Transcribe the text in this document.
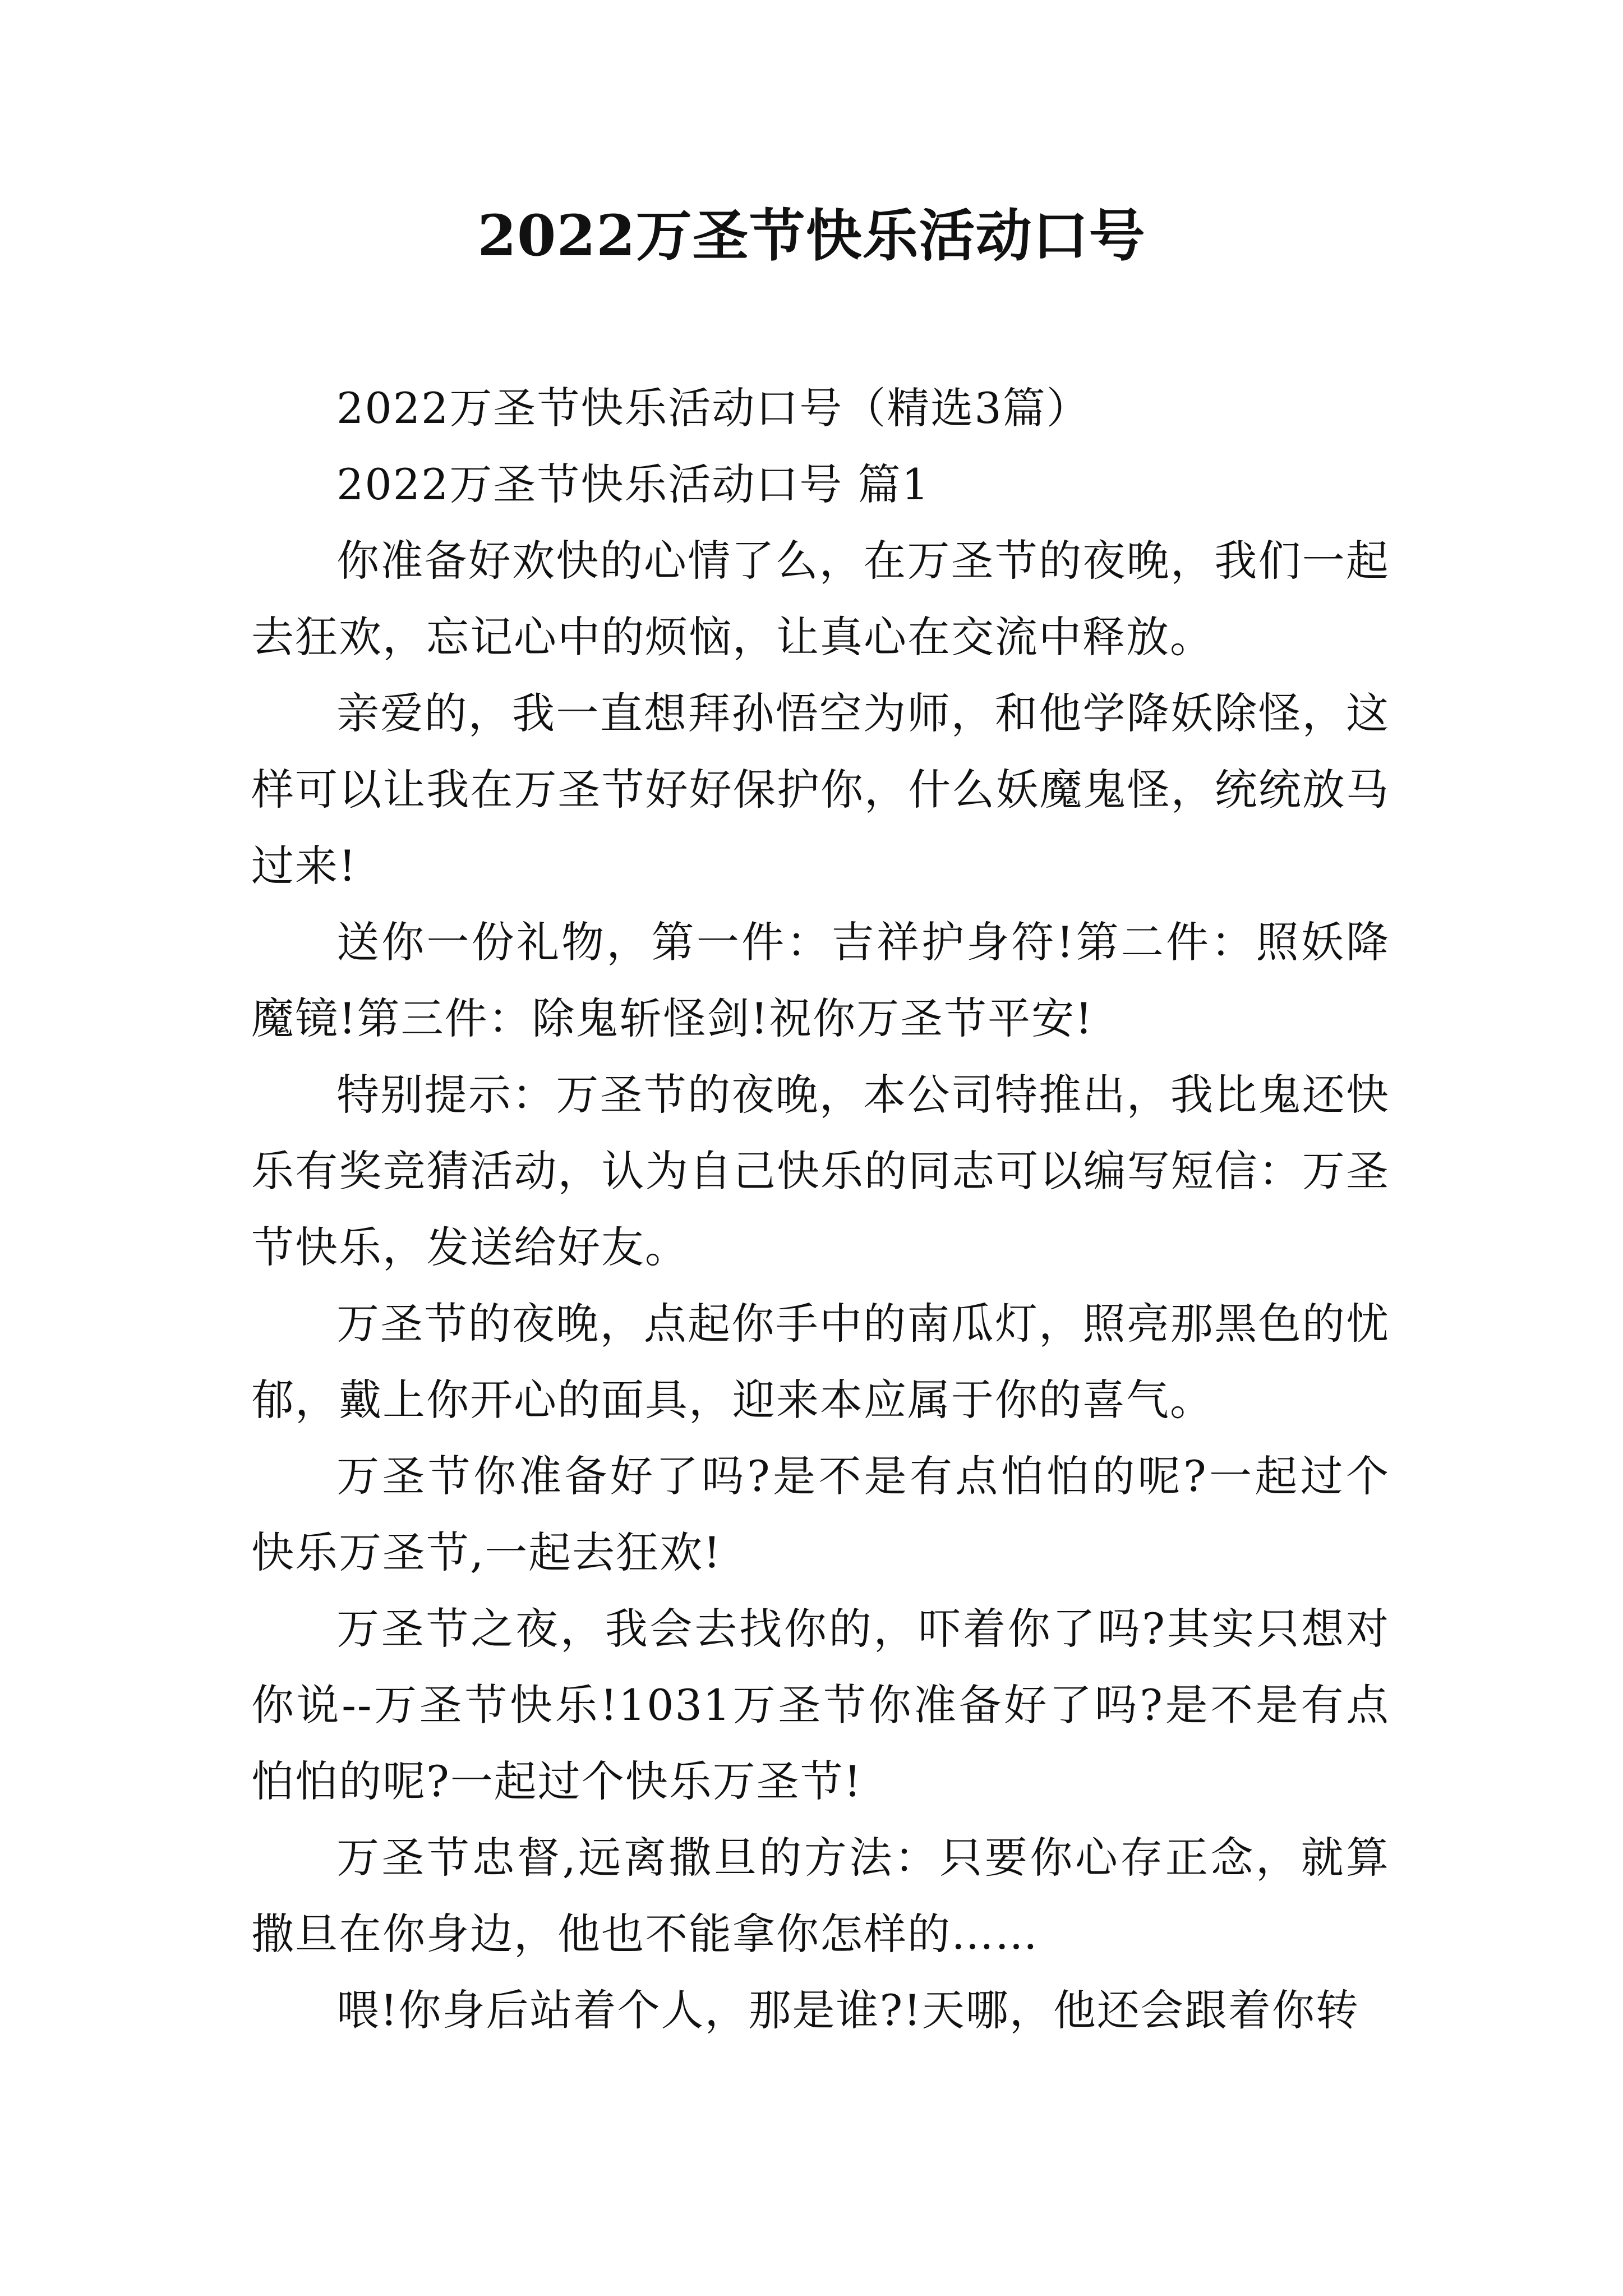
2022万圣节快乐活动口号

2022万圣节快乐活动口号（精选3篇）

2022万圣节快乐活动口号 篇1

你准备好欢快的心情了么，在万圣节的夜晚，我们一起去狂欢，忘记心中的烦恼，让真心在交流中释放。

亲爱的，我一直想拜孙悟空为师，和他学降妖除怪，这样可以让我在万圣节好好保护你，什么妖魔鬼怪，统统放马过来!

送你一份礼物，第一件：吉祥护身符!第二件：照妖降魔镜!第三件：除鬼斩怪剑!祝你万圣节平安!

特别提示：万圣节的夜晚，本公司特推出，我比鬼还快乐有奖竞猜活动，认为自己快乐的同志可以编写短信：万圣节快乐，发送给好友。

万圣节的夜晚，点起你手中的南瓜灯，照亮那黑色的忧郁，戴上你开心的面具，迎来本应属于你的喜气。

万圣节你准备好了吗?是不是有点怕怕的呢?一起过个快乐万圣节,一起去狂欢!

万圣节之夜，我会去找你的，吓着你了吗?其实只想对你说--万圣节快乐!1031万圣节你准备好了吗?是不是有点怕怕的呢?一起过个快乐万圣节!

万圣节忠督,远离撒旦的方法：只要你心存正念，就算撒旦在你身边，他也不能拿你怎样的……

喂!你身后站着个人，那是谁?!天哪，他还会跟着你转
